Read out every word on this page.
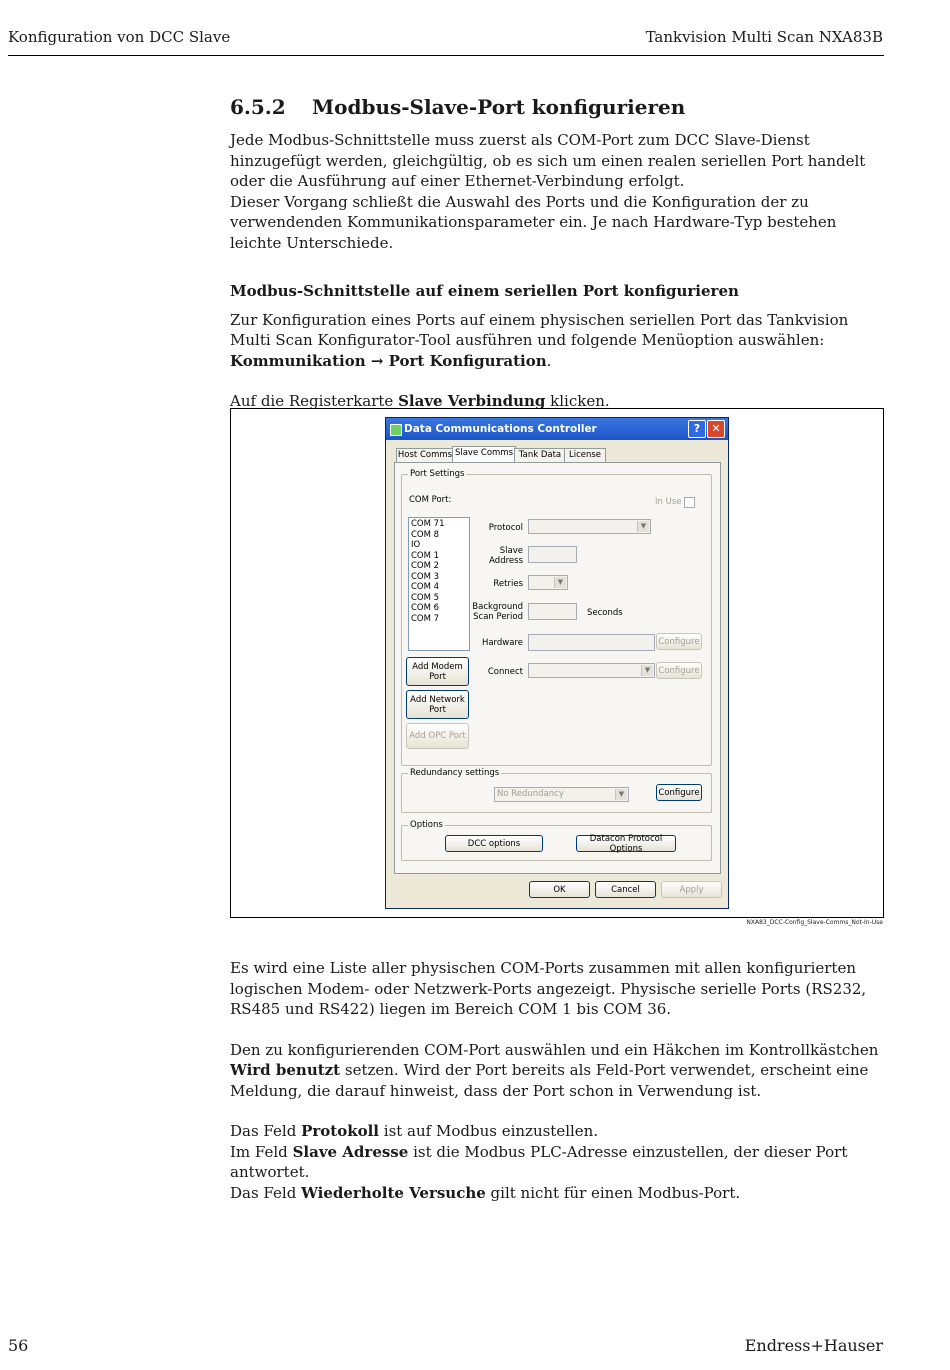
Konfiguration von DCC Slave	Tankvision Multi Scan NXA83B
6.5.2 Modbus-Slave-Port konfigurieren

Jede Modbus-Schnittstelle muss zuerst als COM-Port zum DCC Slave-Dienst hinzugefügt werden, gleichgültig, ob es sich um einen realen seriellen Port handelt oder die Ausführung auf einer Ethernet-Verbindung erfolgt.

Dieser Vorgang schließt die Auswahl des Ports und die Konfiguration der zu verwendenden Kommunikationsparameter ein. Je nach Hardware-Typ bestehen leichte Unterschiede.

Modbus-Schnittstelle auf einem seriellen Port konfigurieren

Zur Konfiguration eines Ports auf einem physischen seriellen Port das Tankvision Multi Scan Konfigurator-Tool ausführen und folgende Menüoption auswählen: Kommunikation → Port Konfiguration.

Auf die Registerkarte Slave Verbindung klicken.

Data Communications Controller	?	✕
Host Comms Slave Comms Tank Data License
Port Settings
COM Port:	In Use
COM 71
COM 8
IO
COM 1
COM 2
COM 3
COM 4
COM 5
COM 6
COM 7
Protocol	▼
Slave Address
Retries	▼
Background Scan Period	Seconds
Hardware	Configure
Connect	▼ Configure
Add Modem Port
Add Network Port
Add OPC Port
Redundancy settings
No Redundancy	▼	Configure
Options
DCC options	Datacon Protocol Options
OK	Cancel	Apply
NXA83_DCC-Config_Slave-Comms_Not-In-Use

Es wird eine Liste aller physischen COM-Ports zusammen mit allen konfigurierten logischen Modem- oder Netzwerk-Ports angezeigt. Physische serielle Ports (RS232, RS485 und RS422) liegen im Bereich COM 1 bis COM 36.

Den zu konfigurierenden COM-Port auswählen und ein Häkchen im Kontrollkästchen Wird benutzt setzen. Wird der Port bereits als Feld-Port verwendet, erscheint eine Meldung, die darauf hinweist, dass der Port schon in Verwendung ist.

Das Feld Protokoll ist auf Modbus einzustellen.

Im Feld Slave Adresse ist die Modbus PLC-Adresse einzustellen, der dieser Port antwortet.

Das Feld Wiederholte Versuche gilt nicht für einen Modbus-Port.

56	Endress+Hauser
